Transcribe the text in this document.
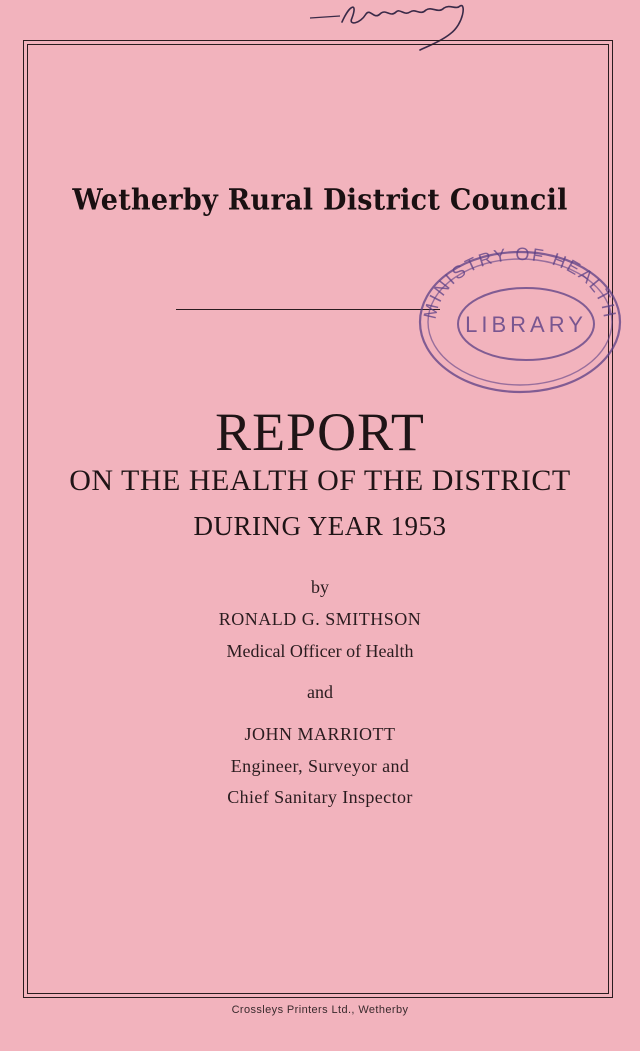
Wetherby Rural District Council
MINISTRY OF HEALTH
LIBRARY
REPORT
ON THE HEALTH OF THE DISTRICT
DURING YEAR 1953
by
RONALD G. SMITHSON
Medical Officer of Health
and
JOHN MARRIOTT
Engineer, Surveyor and
Chief Sanitary Inspector
Crossleys Printers Ltd., Wetherby
